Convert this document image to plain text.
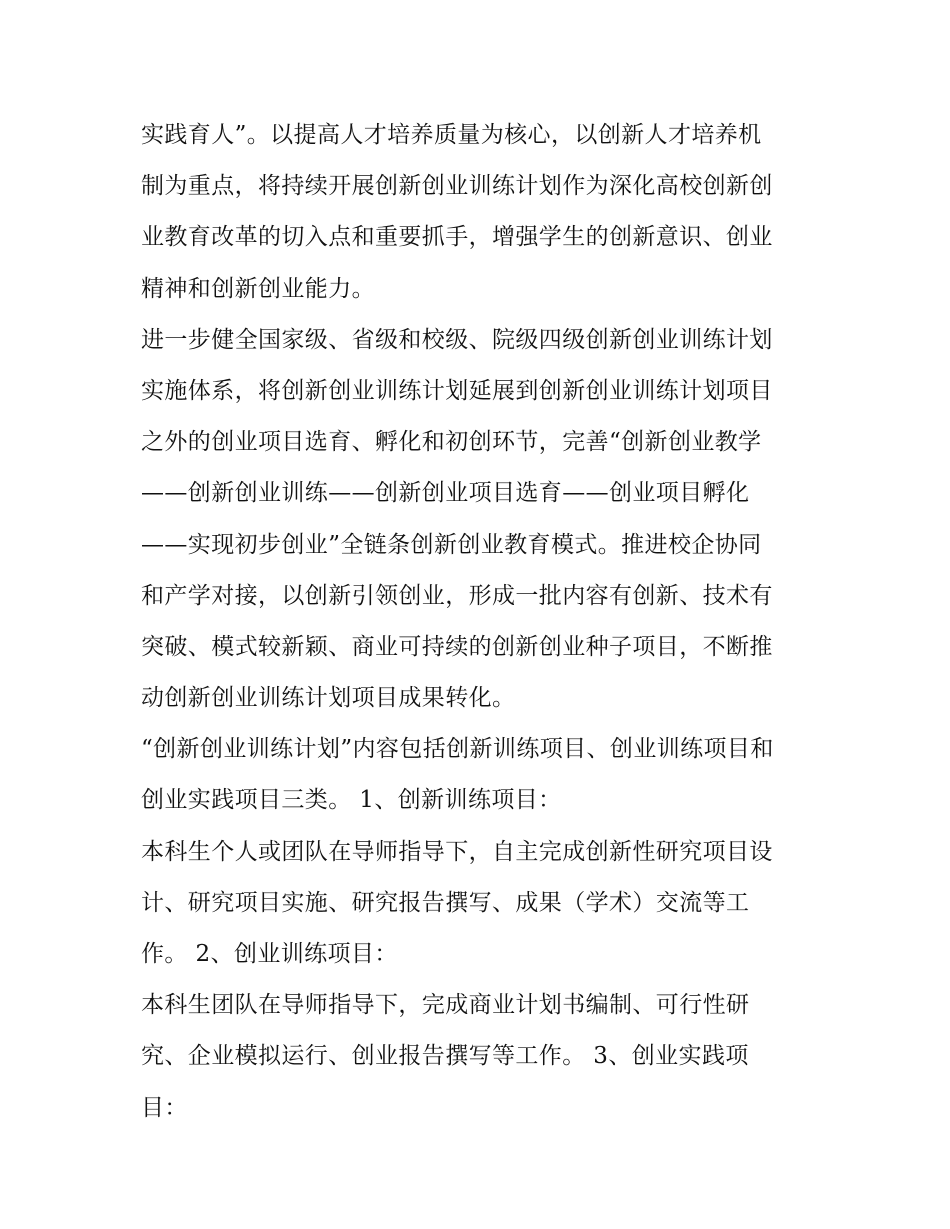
实践育人”。以提高人才培养质量为核心，以创新人才培养机
制为重点，将持续开展创新创业训练计划作为深化高校创新创
业教育改革的切入点和重要抓手，增强学生的创新意识、创业
精神和创新创业能力。
进一步健全国家级、省级和校级、院级四级创新创业训练计划
实施体系，将创新创业训练计划延展到创新创业训练计划项目
之外的创业项目选育、孵化和初创环节，完善“创新创业教学
——创新创业训练——创新创业项目选育——创业项目孵化
——实现初步创业”全链条创新创业教育模式。推进校企协同
和产学对接，以创新引领创业，形成一批内容有创新、技术有
突破、模式较新颖、商业可持续的创新创业种子项目，不断推
动创新创业训练计划项目成果转化。
“创新创业训练计划”内容包括创新训练项目、创业训练项目和
创业实践项目三类。 1、创新训练项目：
本科生个人或团队在导师指导下，自主完成创新性研究项目设
计、研究项目实施、研究报告撰写、成果（学术）交流等工
作。 2、创业训练项目：
本科生团队在导师指导下，完成商业计划书编制、可行性研
究、企业模拟运行、创业报告撰写等工作。 3、创业实践项
目：
